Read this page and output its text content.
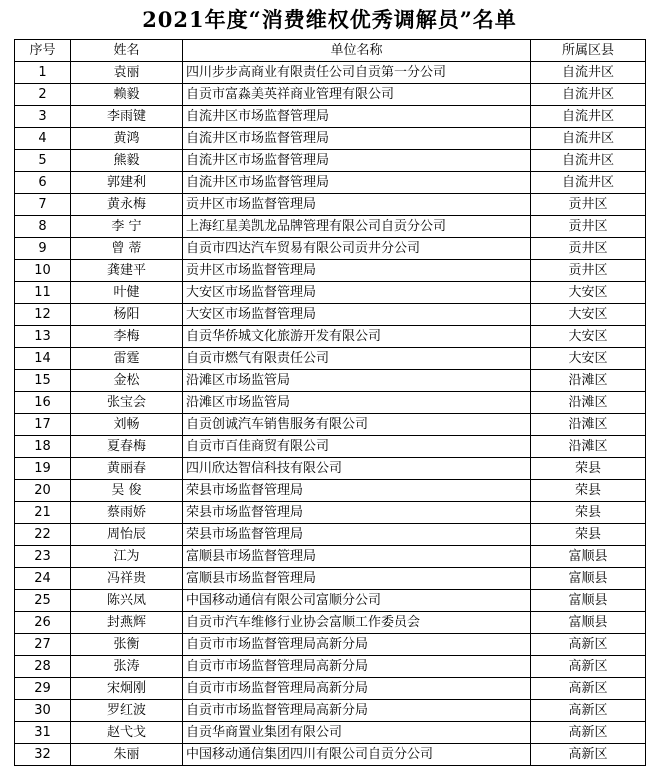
2021年度“消费维权优秀调解员”名单
序号	姓名	单位名称	所属区县
1	袁丽	四川步步高商业有限责任公司自贡第一分公司	自流井区
2	赖毅	自贡市富淼美英祥商业管理有限公司	自流井区
3	李雨键	自流井区市场监督管理局	自流井区
4	黄鸿	自流井区市场监督管理局	自流井区
5	熊毅	自流井区市场监督管理局	自流井区
6	郭建利	自流井区市场监督管理局	自流井区
7	黄永梅	贡井区市场监督管理局	贡井区
8	李 宁	上海红星美凯龙品牌管理有限公司自贡分公司	贡井区
9	曾 蒂	自贡市四达汽车贸易有限公司贡井分公司	贡井区
10	龚建平	贡井区市场监督管理局	贡井区
11	叶健	大安区市场监督管理局	大安区
12	杨阳	大安区市场监督管理局	大安区
13	李梅	自贡华侨城文化旅游开发有限公司	大安区
14	雷霆	自贡市燃气有限责任公司	大安区
15	金松	沿滩区市场监管局	沿滩区
16	张宝会	沿滩区市场监管局	沿滩区
17	刘畅	自贡创诚汽车销售服务有限公司	沿滩区
18	夏春梅	自贡市百佳商贸有限公司	沿滩区
19	黄丽春	四川欣达智信科技有限公司	荣县
20	吴 俊	荣县市场监督管理局	荣县
21	蔡雨娇	荣县市场监督管理局	荣县
22	周怡辰	荣县市场监督管理局	荣县
23	江为	富顺县市场监督管理局	富顺县
24	冯祥贵	富顺县市场监督管理局	富顺县
25	陈兴凤	中国移动通信有限公司富顺分公司	富顺县
26	封燕辉	自贡市汽车维修行业协会富顺工作委员会	富顺县
27	张衡	自贡市市场监督管理局高新分局	高新区
28	张涛	自贡市市场监督管理局高新分局	高新区
29	宋炯刚	自贡市市场监督管理局高新分局	高新区
30	罗红波	自贡市市场监督管理局高新分局	高新区
31	赵弋戈	自贡华商置业集团有限公司	高新区
32	朱丽	中国移动通信集团四川有限公司自贡分公司	高新区
